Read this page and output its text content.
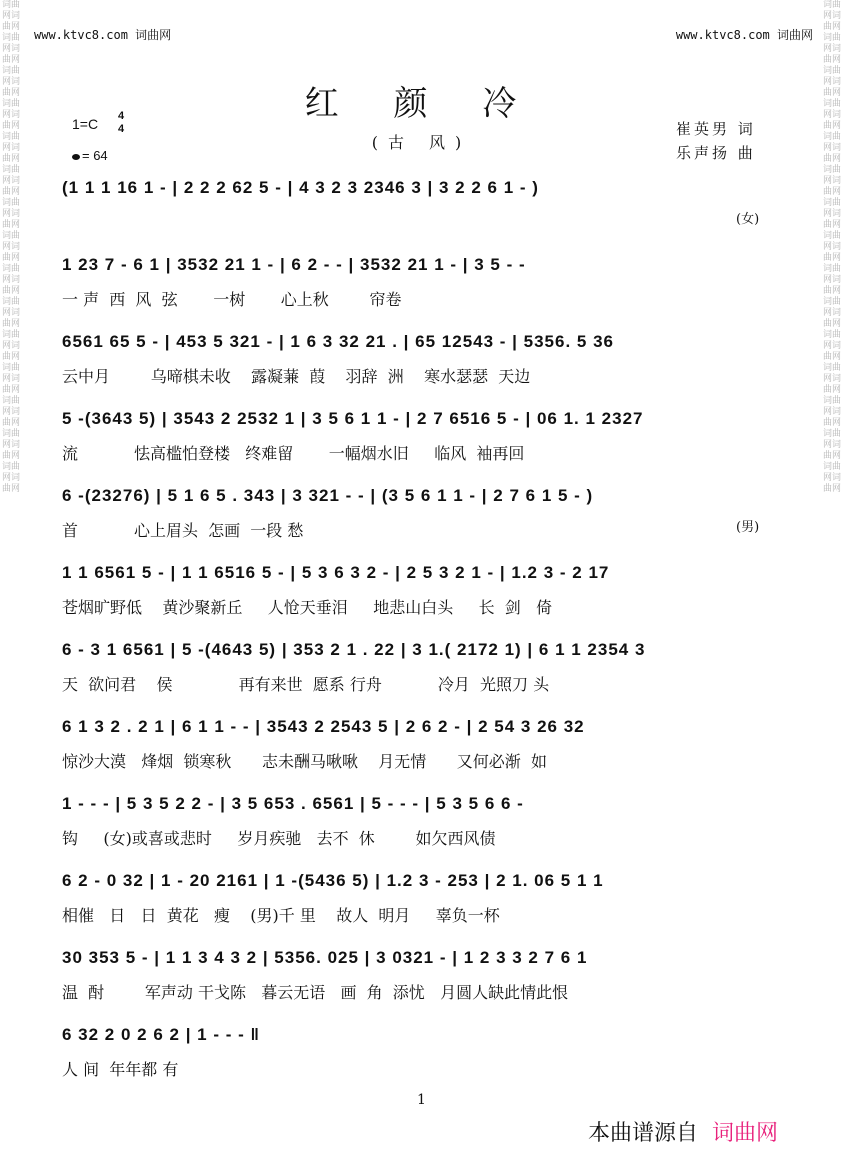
词曲网词曲网词曲网词曲网词曲网词曲网词曲网词曲网词曲网词曲网词曲网词曲网词曲网词曲网词曲网词曲网词曲网词曲网词曲网词曲网词曲网词曲网词曲网词曲网词曲网词曲网词曲网词曲网词曲网词曲网
词曲网词曲网词曲网词曲网词曲网词曲网词曲网词曲网词曲网词曲网词曲网词曲网词曲网词曲网词曲网词曲网词曲网词曲网词曲网词曲网词曲网词曲网词曲网词曲网词曲网词曲网词曲网词曲网词曲网词曲网
www.ktvc8.com 词曲网	www.ktvc8.com 词曲网
红 颜 冷
(古 风)
1=C 4
4
= 64
崔英男 词
乐声扬 曲
(1 1 1 16 1 - | 2 2 2 62 5 - | 4 3 2 3 2346 3 | 3 2 2 6 1 - )
(女)
1 23 7 - 6 1 | 3532 21 1 - | 6 2 - - | 3532 21 1 - | 3 5 - -
一 声  西  风  弦       一树       心上秋        帘卷
6561 65 5 - | 453 5 321 - | 1 6 3 32 21 . | 65 12543 - | 5356. 5 36
云中月        乌啼棋未收    露凝蒹  葭    羽辞  洲    寒水瑟瑟  天边
5 -(3643 5) | 3543 2 2532 1 | 3 5 6 1 1 - | 2 7 6516 5 - | 06 1. 1 2327
流           怯高槛怕登楼   终难留       一幅烟水旧     临风  袖再回
6 -(23276) | 5 1 6 5 . 343 | 3 321 - - | (3 5 6 1 1 - | 2 7 6 1 5 - )
首           心上眉头  怎画  一段 愁	(男)
1 1 6561 5 - | 1 1 6516 5 - | 5 3 6 3 2 - | 2 5 3 2 1 - | 1.2 3 - 2 17
苍烟旷野低    黄沙聚新丘     人怆天垂泪     地悲山白头     长  剑   倚
6 - 3 1 6561 | 5 -(4643 5) | 353 2 1 . 22 | 3 1.( 2172 1) | 6 1 1 2354 3
天  欲问君    侯             再有来世  愿系 行舟           冷月  光照刀 头
6 1 3 2 . 2 1 | 6 1 1 - - | 3543 2 2543 5 | 2 6 2 - | 2 54 3 26 32
惊沙大漠   烽烟  锁寒秋      志未酬马啾啾    月无情      又何必渐  如
1 - - - | 5 3 5 2 2 - | 3 5 653 . 6561 | 5 - - - | 5 3 5 6 6 -
钩     (女)或喜或悲时     岁月疾驰   去不  休        如欠西风债
6 2 - 0 32 | 1 - 20 2161 | 1 -(5436 5) | 1.2 3 - 253 | 2 1. 06 5 1 1
相催   日   日  黄花   瘦    (男)千 里    故人  明月     辜负一杯
30 353 5 - | 1 1 3 4 3 2 | 5356. 025 | 3 0321 - | 1 2 3 3 2 7 6 1
温  酎        军声动 干戈陈   暮云无语   画  角  添忧   月圆人缺此情此恨
6 32 2 0 2 6 2 | 1 - - - ‖
人 间  年年都 有
1
本曲谱源自 词曲网
